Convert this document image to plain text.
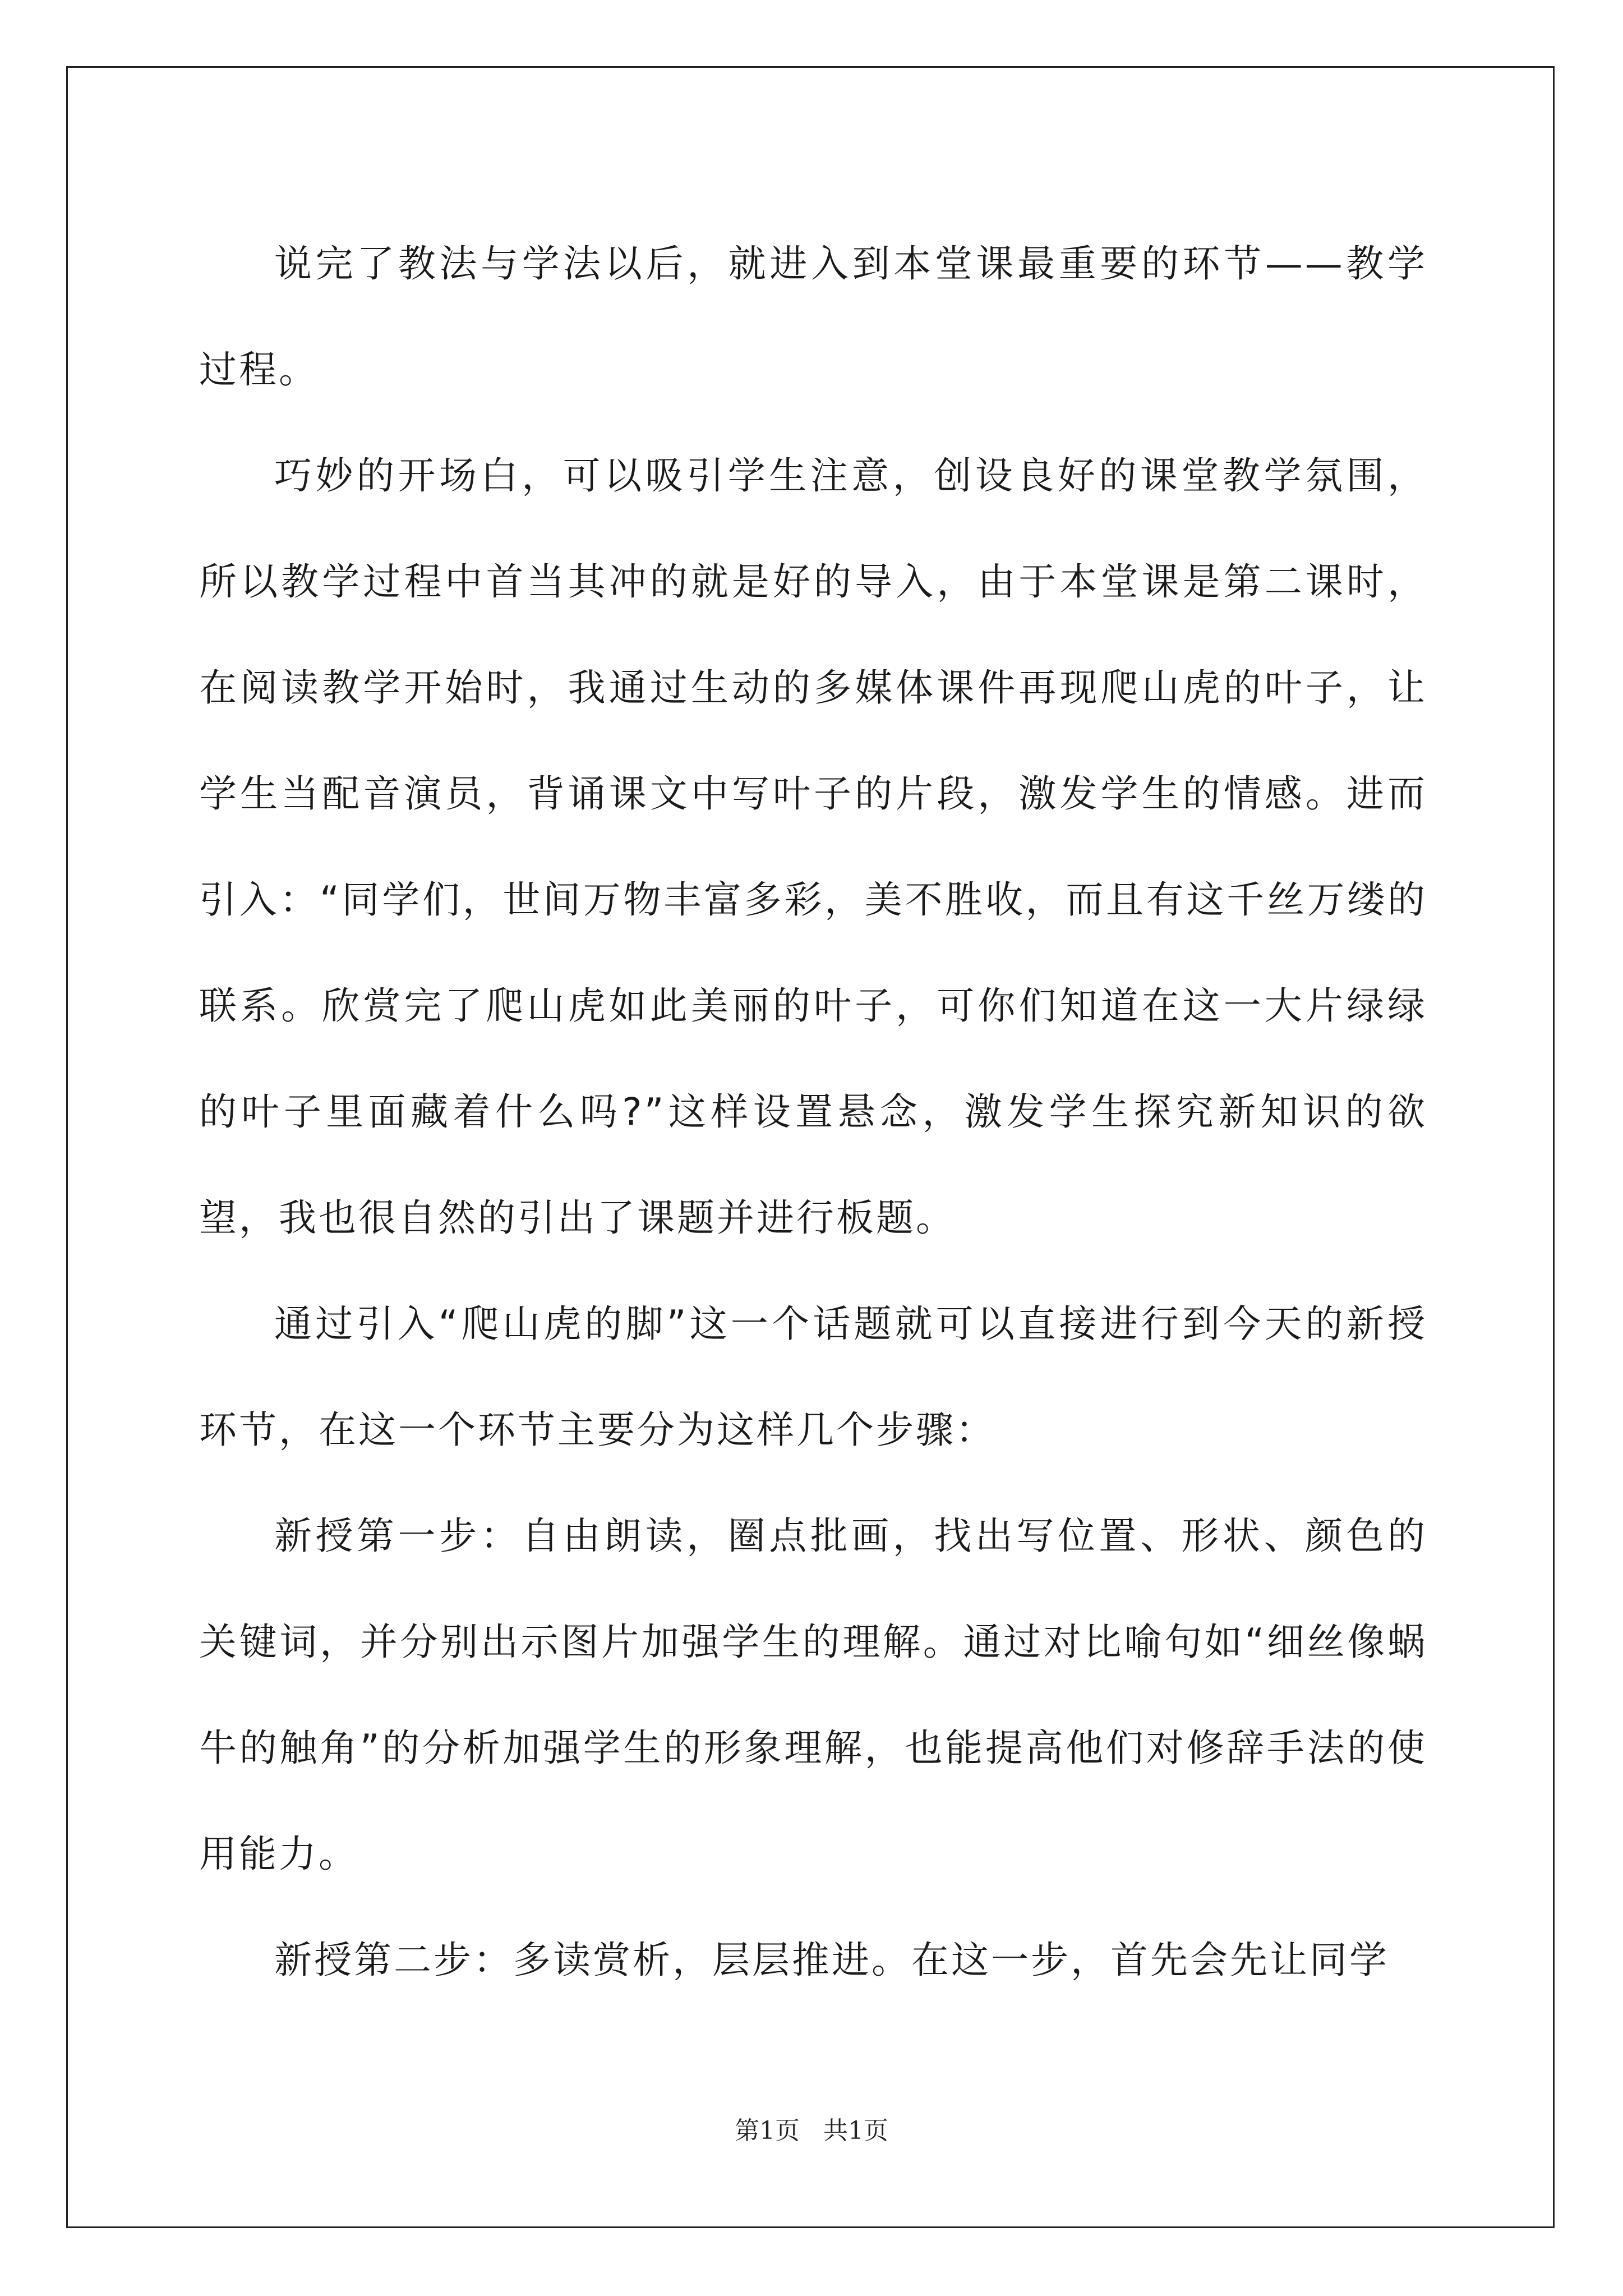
说完了教法与学法以后，就进入到本堂课最重要的环节——教学过程。

巧妙的开场白，可以吸引学生注意，创设良好的课堂教学氛围，所以教学过程中首当其冲的就是好的导入，由于本堂课是第二课时，在阅读教学开始时，我通过生动的多媒体课件再现爬山虎的叶子，让学生当配音演员，背诵课文中写叶子的片段，激发学生的情感。进而引入：“同学们，世间万物丰富多彩，美不胜收，而且有这千丝万缕的联系。欣赏完了爬山虎如此美丽的叶子，可你们知道在这一大片绿绿的叶子里面藏着什么吗?”这样设置悬念，激发学生探究新知识的欲望，我也很自然的引出了课题并进行板题。

通过引入“爬山虎的脚”这一个话题就可以直接进行到今天的新授环节，在这一个环节主要分为这样几个步骤：

新授第一步：自由朗读，圈点批画，找出写位置、形状、颜色的关键词，并分别出示图片加强学生的理解。通过对比喻句如“细丝像蜗牛的触角”的分析加强学生的形象理解，也能提高他们对修辞手法的使用能力。

新授第二步：多读赏析，层层推进。在这一步，首先会先让同学

第1页 共1页
